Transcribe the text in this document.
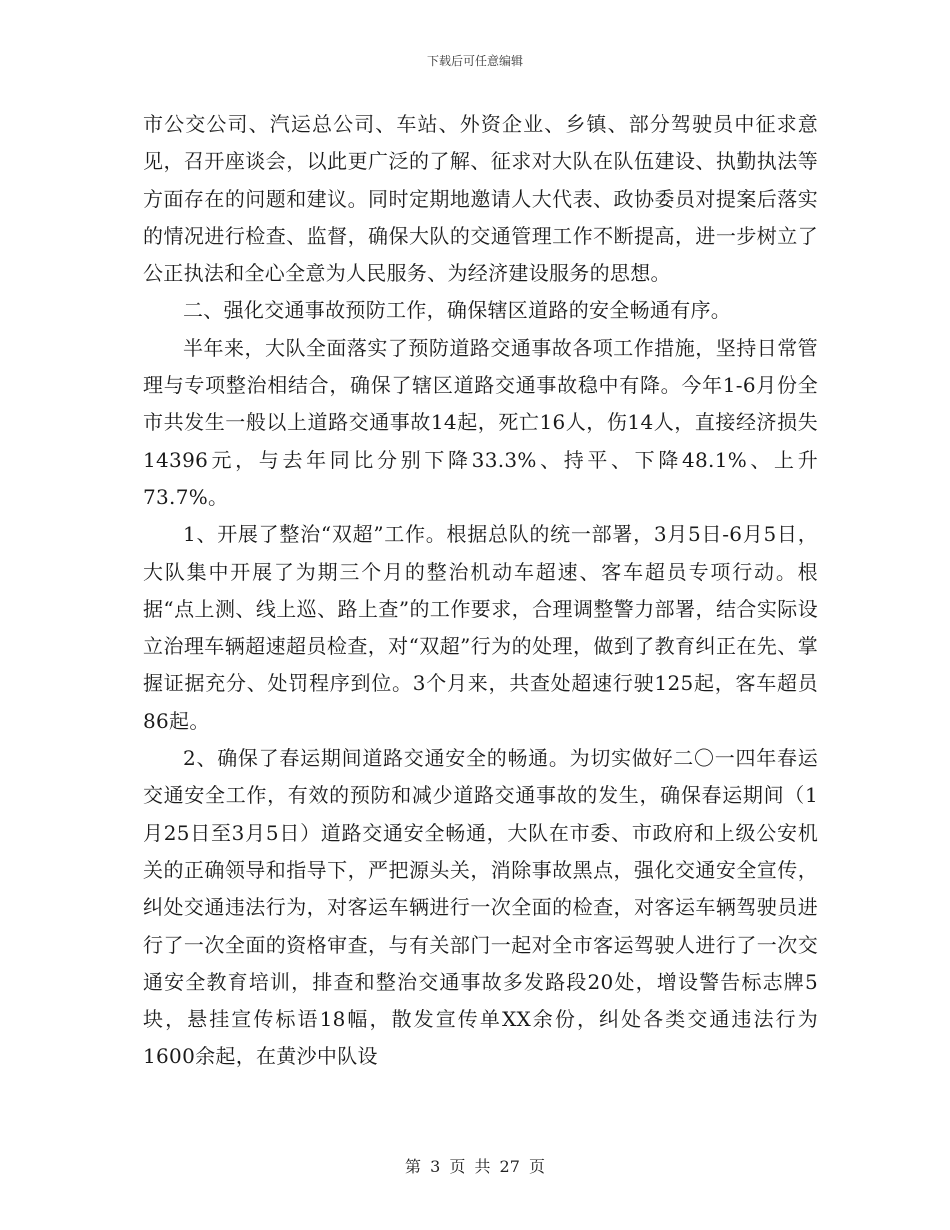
下载后可任意编辑

市公交公司、汽运总公司、车站、外资企业、乡镇、部分驾驶员中征求意见，召开座谈会，以此更广泛的了解、征求对大队在队伍建设、执勤执法等方面存在的问题和建议。同时定期地邀请人大代表、政协委员对提案后落实的情况进行检查、监督，确保大队的交通管理工作不断提高，进一步树立了公正执法和全心全意为人民服务、为经济建设服务的思想。

二、强化交通事故预防工作，确保辖区道路的安全畅通有序。

半年来，大队全面落实了预防道路交通事故各项工作措施，坚持日常管理与专项整治相结合，确保了辖区道路交通事故稳中有降。今年1-6月份全市共发生一般以上道路交通事故14起，死亡16人，伤14人，直接经济损失14396元，与去年同比分别下降33.3%、持平、下降48.1%、上升73.7%。

1、开展了整治“双超”工作。根据总队的统一部署，3月5日-6月5日，大队集中开展了为期三个月的整治机动车超速、客车超员专项行动。根据“点上测、线上巡、路上查”的工作要求，合理调整警力部署，结合实际设立治理车辆超速超员检查，对“双超”行为的处理，做到了教育纠正在先、掌握证据充分、处罚程序到位。3个月来，共查处超速行驶125起，客车超员86起。

2、确保了春运期间道路交通安全的畅通。为切实做好二〇一四年春运交通安全工作，有效的预防和减少道路交通事故的发生，确保春运期间（1月25日至3月5日）道路交通安全畅通，大队在市委、市政府和上级公安机关的正确领导和指导下，严把源头关，消除事故黑点，强化交通安全宣传，纠处交通违法行为，对客运车辆进行一次全面的检查，对客运车辆驾驶员进行了一次全面的资格审查，与有关部门一起对全市客运驾驶人进行了一次交通安全教育培训，排查和整治交通事故多发路段20处，增设警告标志牌5块，悬挂宣传标语18幅，散发宣传单XX余份，纠处各类交通违法行为1600余起，在黄沙中队设

第 3 页 共 27 页
